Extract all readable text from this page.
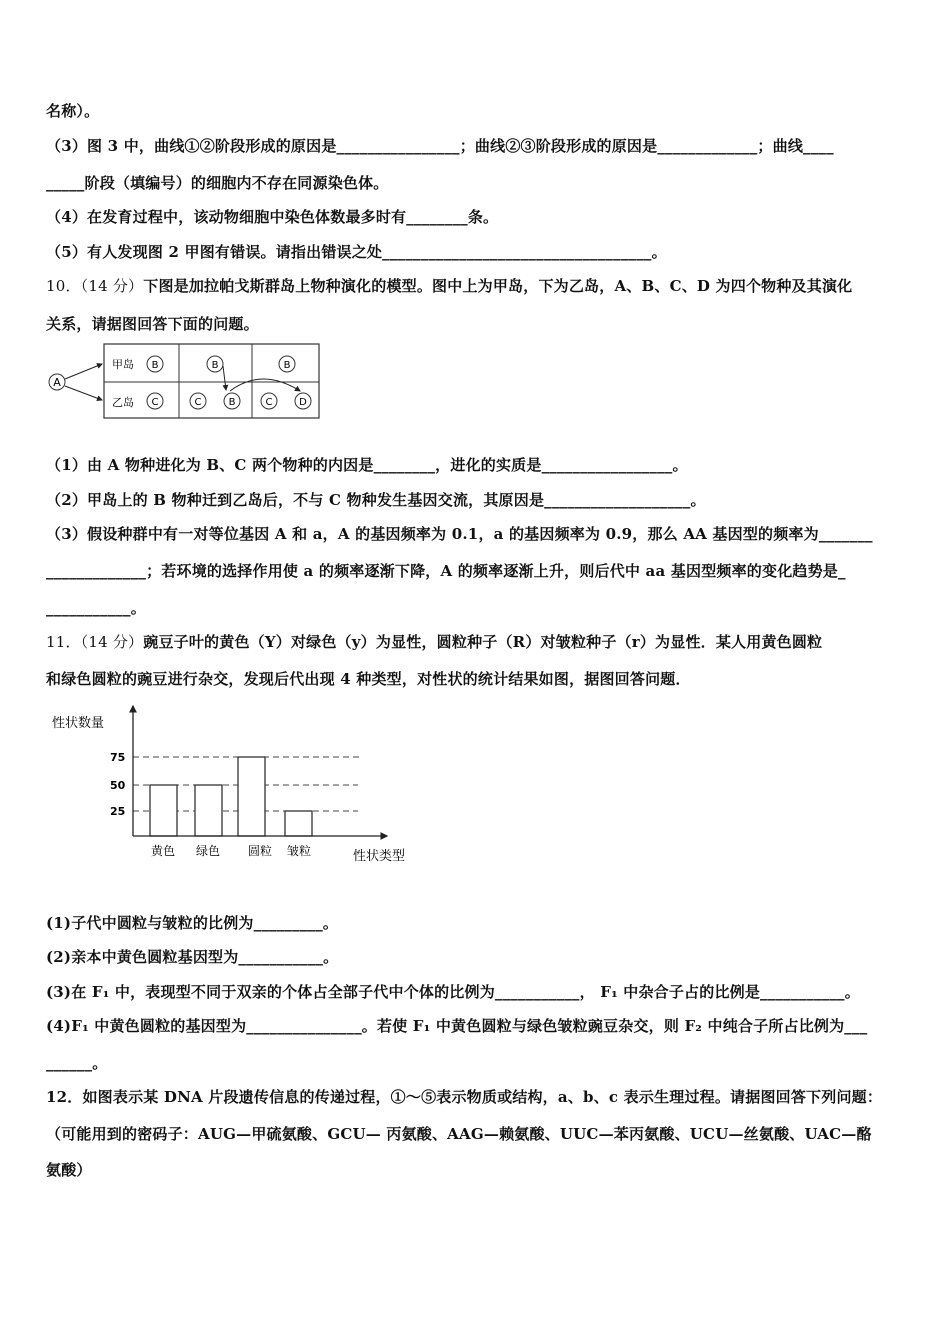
名称）。
（3）图 3 中，曲线①②阶段形成的原因是________________；曲线②③阶段形成的原因是_____________；曲线____
_____阶段（填编号）的细胞内不存在同源染色体。
（4）在发育过程中，该动物细胞中染色体数最多时有________条。
（5）有人发现图 2 甲图有错误。请指出错误之处___________________________________。
10．（14 分）下图是加拉帕戈斯群岛上物种演化的模型。图中上为甲岛，下为乙岛，A、B、C、D 为四个物种及其演化
关系，请据图回答下面的问题。
A
甲岛 B
乙岛 C
B
C	B
B
C	D
（1）由 A 物种进化为 B、C 两个物种的内因是________，进化的实质是_________________。
（2）甲岛上的 B 物种迁到乙岛后，不与 C 物种发生基因交流，其原因是___________________。
（3）假设种群中有一对等位基因 A 和 a，A 的基因频率为 0.1，a 的基因频率为 0.9，那么 AA 基因型的频率为_______
_____________；若环境的选择作用使 a 的频率逐渐下降，A 的频率逐渐上升，则后代中 aa 基因型频率的变化趋势是_
___________。
11．（14 分）豌豆子叶的黄色（Y）对绿色（y）为显性，圆粒种子（R）对皱粒种子（r）为显性．某人用黄色圆粒
和绿色圆粒的豌豆进行杂交，发现后代出现 4 种类型，对性状的统计结果如图，据图回答问题．
性状数量
75
50
25
黄色 绿色 圆粒 皱粒	性状类型
(1)子代中圆粒与皱粒的比例为_________。
(2)亲本中黄色圆粒基因型为___________。
(3)在 F₁ 中，表现型不同于双亲的个体占全部子代中个体的比例为___________， F₁ 中杂合子占的比例是___________。
(4)F₁ 中黄色圆粒的基因型为_______________。若使 F₁ 中黄色圆粒与绿色皱粒豌豆杂交，则 F₂ 中纯合子所占比例为___
______。
12．如图表示某 DNA 片段遗传信息的传递过程，①～⑤表示物质或结构，a、b、c 表示生理过程。请据图回答下列问题：
（可能用到的密码子：AUG—甲硫氨酸、GCU— 丙氨酸、AAG—赖氨酸、UUC—苯丙氨酸、UCU—丝氨酸、UAC—酪
氨酸）
